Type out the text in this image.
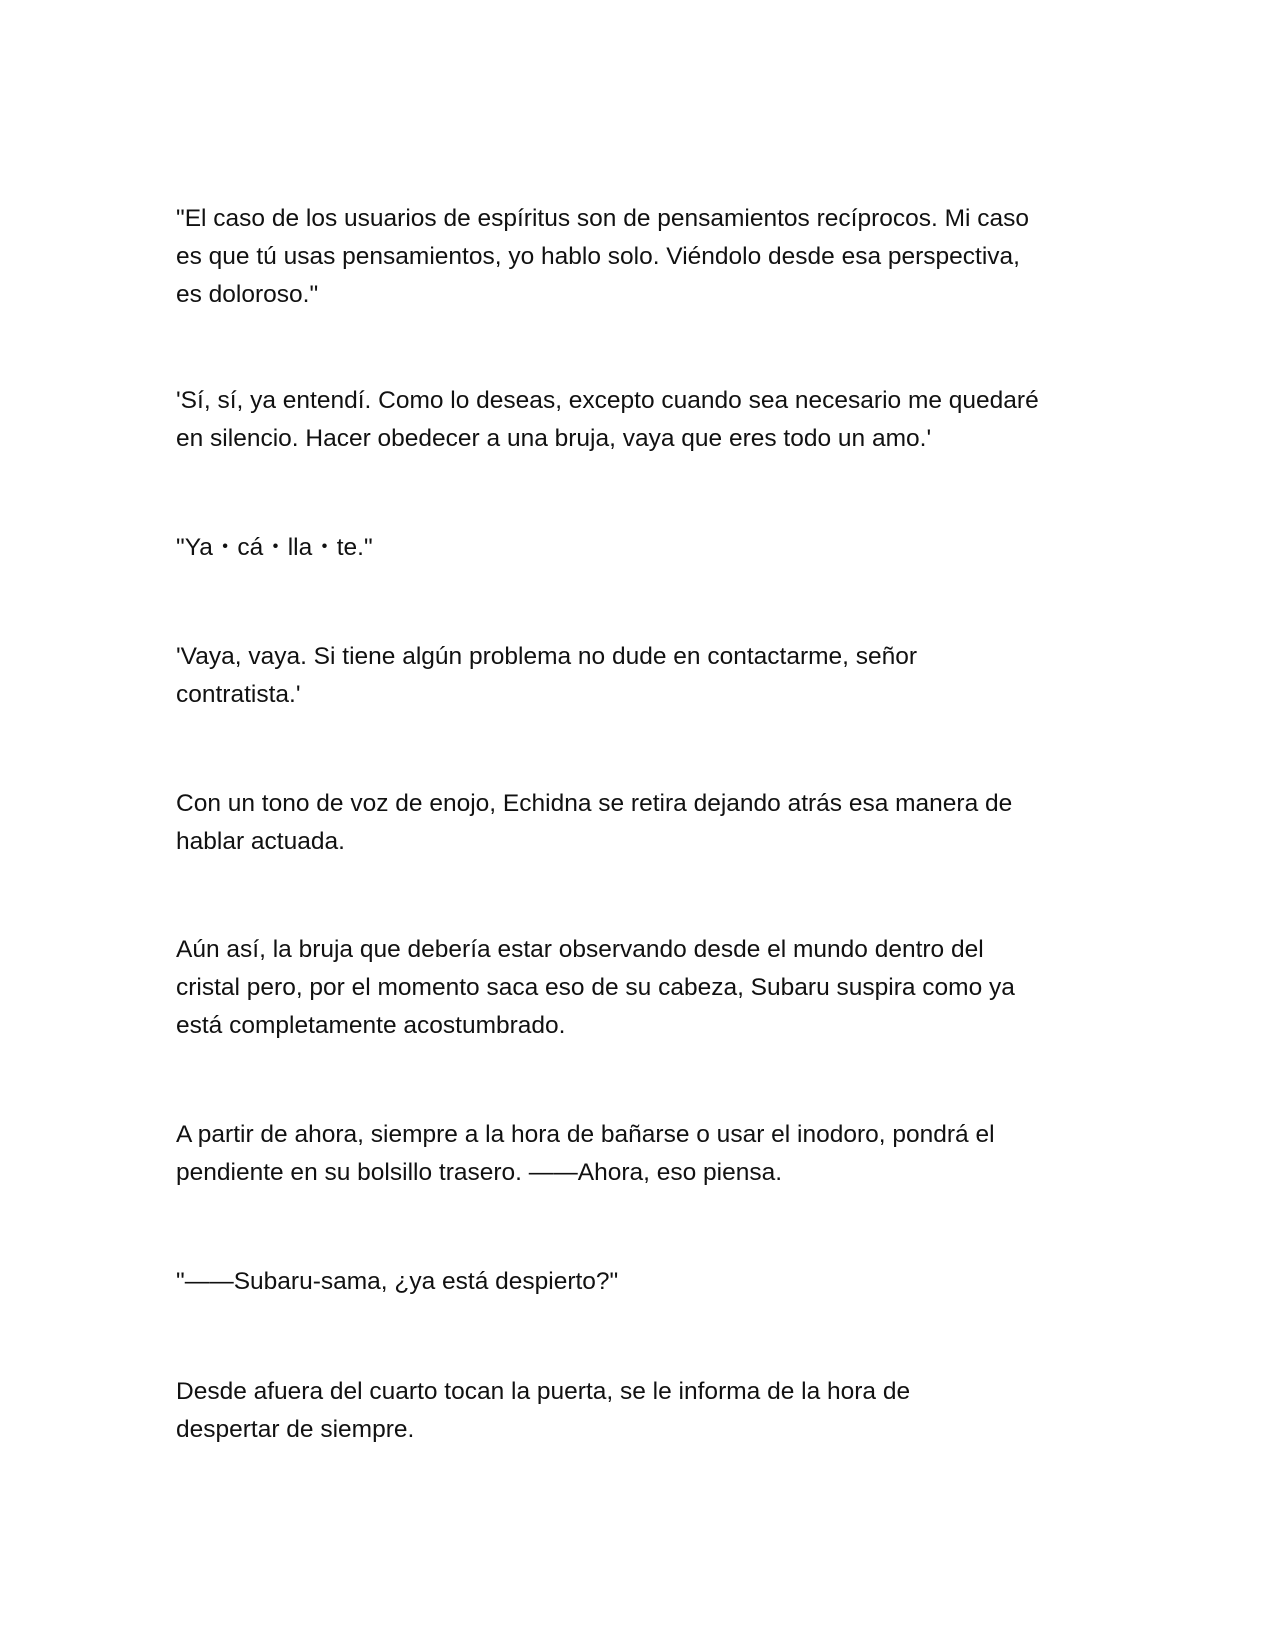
"El caso de los usuarios de espíritus son de pensamientos recíprocos. Mi caso
es que tú usas pensamientos, yo hablo solo. Viéndolo desde esa perspectiva,
es doloroso."

'Sí, sí, ya entendí. Como lo deseas, excepto cuando sea necesario me quedaré
en silencio. Hacer obedecer a una bruja, vaya que eres todo un amo.'

"Ya・cá・lla・te."

'Vaya, vaya. Si tiene algún problema no dude en contactarme, señor
contratista.'

Con un tono de voz de enojo, Echidna se retira dejando atrás esa manera de
hablar actuada.

Aún así, la bruja que debería estar observando desde el mundo dentro del
cristal pero, por el momento saca eso de su cabeza, Subaru suspira como ya
está completamente acostumbrado.

A partir de ahora, siempre a la hora de bañarse o usar el inodoro, pondrá el
pendiente en su bolsillo trasero. ——Ahora, eso piensa.

"——Subaru-sama, ¿ya está despierto?"

Desde afuera del cuarto tocan la puerta, se le informa de la hora de
despertar de siempre.
